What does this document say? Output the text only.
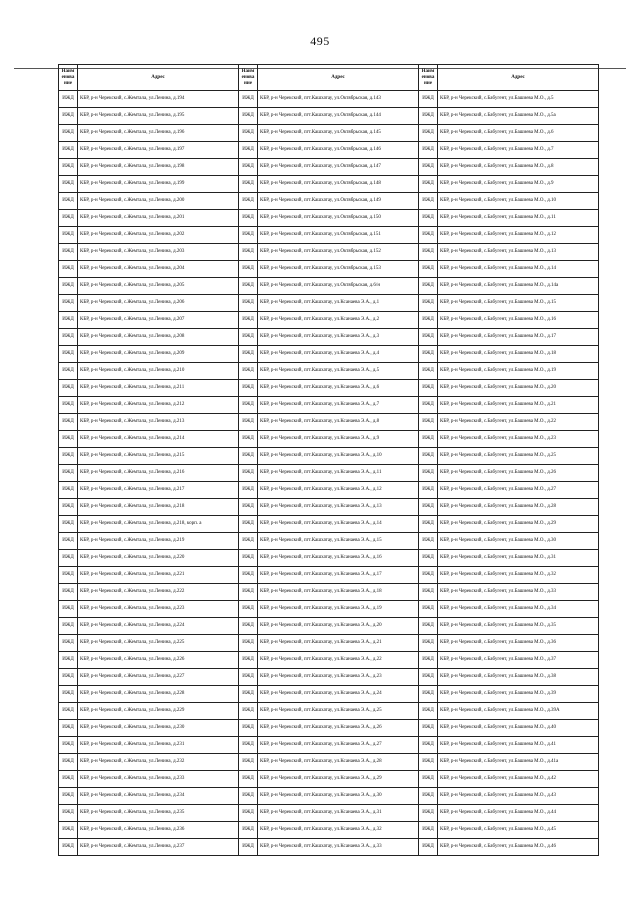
495
Наим енова ние	Адрес	Наим енова ние	Адрес	Наим енова ние	Адрес
ИЖД	КБР, р-н Черекский, с.Жемтала, ул.Ленина, д.194	ИЖД	КБР, р-н Черекский, пгт.Кашхатау, ул.Октябрьская, д.143	ИЖД	КБР, р-н Черекский, с.Бабугент, ул.Башиева М.О., д.5
ИЖД	КБР, р-н Черекский, с.Жемтала, ул.Ленина, д.195	ИЖД	КБР, р-н Черекский, пгт.Кашхатау, ул.Октябрьская, д.144	ИЖД	КБР, р-н Черекский, с.Бабугент, ул.Башиева М.О., д.5а
ИЖД	КБР, р-н Черекский, с.Жемтала, ул.Ленина, д.196	ИЖД	КБР, р-н Черекский, пгт.Кашхатау, ул.Октябрьская, д.145	ИЖД	КБР, р-н Черекский, с.Бабугент, ул.Башиева М.О., д.6
ИЖД	КБР, р-н Черекский, с.Жемтала, ул.Ленина, д.197	ИЖД	КБР, р-н Черекский, пгт.Кашхатау, ул.Октябрьская, д.146	ИЖД	КБР, р-н Черекский, с.Бабугент, ул.Башиева М.О., д.7
ИЖД	КБР, р-н Черекский, с.Жемтала, ул.Ленина, д.198	ИЖД	КБР, р-н Черекский, пгт.Кашхатау, ул.Октябрьская, д.147	ИЖД	КБР, р-н Черекский, с.Бабугент, ул.Башиева М.О., д.8
ИЖД	КБР, р-н Черекский, с.Жемтала, ул.Ленина, д.199	ИЖД	КБР, р-н Черекский, пгт.Кашхатау, ул.Октябрьская, д.148	ИЖД	КБР, р-н Черекский, с.Бабугент, ул.Башиева М.О., д.9
ИЖД	КБР, р-н Черекский, с.Жемтала, ул.Ленина, д.200	ИЖД	КБР, р-н Черекский, пгт.Кашхатау, ул.Октябрьская, д.149	ИЖД	КБР, р-н Черекский, с.Бабугент, ул.Башиева М.О., д.10
ИЖД	КБР, р-н Черекский, с.Жемтала, ул.Ленина, д.201	ИЖД	КБР, р-н Черекский, пгт.Кашхатау, ул.Октябрьская, д.150	ИЖД	КБР, р-н Черекский, с.Бабугент, ул.Башиева М.О., д.11
ИЖД	КБР, р-н Черекский, с.Жемтала, ул.Ленина, д.202	ИЖД	КБР, р-н Черекский, пгт.Кашхатау, ул.Октябрьская, д.151	ИЖД	КБР, р-н Черекский, с.Бабугент, ул.Башиева М.О., д.12
ИЖД	КБР, р-н Черекский, с.Жемтала, ул.Ленина, д.203	ИЖД	КБР, р-н Черекский, пгт.Кашхатау, ул.Октябрьская, д.152	ИЖД	КБР, р-н Черекский, с.Бабугент, ул.Башиева М.О., д.13
ИЖД	КБР, р-н Черекский, с.Жемтала, ул.Ленина, д.204	ИЖД	КБР, р-н Черекский, пгт.Кашхатау, ул.Октябрьская, д.153	ИЖД	КБР, р-н Черекский, с.Бабугент, ул.Башиева М.О., д.14
ИЖД	КБР, р-н Черекский, с.Жемтала, ул.Ленина, д.205	ИЖД	КБР, р-н Черекский, пгт.Кашхатау, ул.Октябрьская, д.6/н	ИЖД	КБР, р-н Черекский, с.Бабугент, ул.Башиева М.О., д.14а
ИЖД	КБР, р-н Черекский, с.Жемтала, ул.Ленина, д.206	ИЖД	КБР, р-н Черекский, пгт.Кашхатау, ул.Ксанаева Э.А., д.1	ИЖД	КБР, р-н Черекский, с.Бабугент, ул.Башиева М.О., д.15
ИЖД	КБР, р-н Черекский, с.Жемтала, ул.Ленина, д.207	ИЖД	КБР, р-н Черекский, пгт.Кашхатау, ул.Ксанаева Э.А., д.2	ИЖД	КБР, р-н Черекский, с.Бабугент, ул.Башиева М.О., д.16
ИЖД	КБР, р-н Черекский, с.Жемтала, ул.Ленина, д.208	ИЖД	КБР, р-н Черекский, пгт.Кашхатау, ул.Ксанаева Э.А., д.3	ИЖД	КБР, р-н Черекский, с.Бабугент, ул.Башиева М.О., д.17
ИЖД	КБР, р-н Черекский, с.Жемтала, ул.Ленина, д.209	ИЖД	КБР, р-н Черекский, пгт.Кашхатау, ул.Ксанаева Э.А., д.4	ИЖД	КБР, р-н Черекский, с.Бабугент, ул.Башиева М.О., д.18
ИЖД	КБР, р-н Черекский, с.Жемтала, ул.Ленина, д.210	ИЖД	КБР, р-н Черекский, пгт.Кашхатау, ул.Ксанаева Э.А., д.5	ИЖД	КБР, р-н Черекский, с.Бабугент, ул.Башиева М.О., д.19
ИЖД	КБР, р-н Черекский, с.Жемтала, ул.Ленина, д.211	ИЖД	КБР, р-н Черекский, пгт.Кашхатау, ул.Ксанаева Э.А., д.6	ИЖД	КБР, р-н Черекский, с.Бабугент, ул.Башиева М.О., д.20
ИЖД	КБР, р-н Черекский, с.Жемтала, ул.Ленина, д.212	ИЖД	КБР, р-н Черекский, пгт.Кашхатау, ул.Ксанаева Э.А., д.7	ИЖД	КБР, р-н Черекский, с.Бабугент, ул.Башиева М.О., д.21
ИЖД	КБР, р-н Черекский, с.Жемтала, ул.Ленина, д.213	ИЖД	КБР, р-н Черекский, пгт.Кашхатау, ул.Ксанаева Э.А., д.8	ИЖД	КБР, р-н Черекский, с.Бабугент, ул.Башиева М.О., д.22
ИЖД	КБР, р-н Черекский, с.Жемтала, ул.Ленина, д.214	ИЖД	КБР, р-н Черекский, пгт.Кашхатау, ул.Ксанаева Э.А., д.9	ИЖД	КБР, р-н Черекский, с.Бабугент, ул.Башиева М.О., д.23
ИЖД	КБР, р-н Черекский, с.Жемтала, ул.Ленина, д.215	ИЖД	КБР, р-н Черекский, пгт.Кашхатау, ул.Ксанаева Э.А., д.10	ИЖД	КБР, р-н Черекский, с.Бабугент, ул.Башиева М.О., д.25
ИЖД	КБР, р-н Черекский, с.Жемтала, ул.Ленина, д.216	ИЖД	КБР, р-н Черекский, пгт.Кашхатау, ул.Ксанаева Э.А., д.11	ИЖД	КБР, р-н Черекский, с.Бабугент, ул.Башиева М.О., д.26
ИЖД	КБР, р-н Черекский, с.Жемтала, ул.Ленина, д.217	ИЖД	КБР, р-н Черекский, пгт.Кашхатау, ул.Ксанаева Э.А., д.12	ИЖД	КБР, р-н Черекский, с.Бабугент, ул.Башиева М.О., д.27
ИЖД	КБР, р-н Черекский, с.Жемтала, ул.Ленина, д.218	ИЖД	КБР, р-н Черекский, пгт.Кашхатау, ул.Ксанаева Э.А., д.13	ИЖД	КБР, р-н Черекский, с.Бабугент, ул.Башиева М.О., д.28
ИЖД	КБР, р-н Черекский, с.Жемтала, ул.Ленина, д.218, корп. а	ИЖД	КБР, р-н Черекский, пгт.Кашхатау, ул.Ксанаева Э.А., д.14	ИЖД	КБР, р-н Черекский, с.Бабугент, ул.Башиева М.О., д.29
ИЖД	КБР, р-н Черекский, с.Жемтала, ул.Ленина, д.219	ИЖД	КБР, р-н Черекский, пгт.Кашхатау, ул.Ксанаева Э.А., д.15	ИЖД	КБР, р-н Черекский, с.Бабугент, ул.Башиева М.О., д.30
ИЖД	КБР, р-н Черекский, с.Жемтала, ул.Ленина, д.220	ИЖД	КБР, р-н Черекский, пгт.Кашхатау, ул.Ксанаева Э.А., д.16	ИЖД	КБР, р-н Черекский, с.Бабугент, ул.Башиева М.О., д.31
ИЖД	КБР, р-н Черекский, с.Жемтала, ул.Ленина, д.221	ИЖД	КБР, р-н Черекский, пгт.Кашхатау, ул.Ксанаева Э.А., д.17	ИЖД	КБР, р-н Черекский, с.Бабугент, ул.Башиева М.О., д.32
ИЖД	КБР, р-н Черекский, с.Жемтала, ул.Ленина, д.222	ИЖД	КБР, р-н Черекский, пгт.Кашхатау, ул.Ксанаева Э.А., д.18	ИЖД	КБР, р-н Черекский, с.Бабугент, ул.Башиева М.О., д.33
ИЖД	КБР, р-н Черекский, с.Жемтала, ул.Ленина, д.223	ИЖД	КБР, р-н Черекский, пгт.Кашхатау, ул.Ксанаева Э.А., д.19	ИЖД	КБР, р-н Черекский, с.Бабугент, ул.Башиева М.О., д.34
ИЖД	КБР, р-н Черекский, с.Жемтала, ул.Ленина, д.224	ИЖД	КБР, р-н Черекский, пгт.Кашхатау, ул.Ксанаева Э.А., д.20	ИЖД	КБР, р-н Черекский, с.Бабугент, ул.Башиева М.О., д.35
ИЖД	КБР, р-н Черекский, с.Жемтала, ул.Ленина, д.225	ИЖД	КБР, р-н Черекский, пгт.Кашхатау, ул.Ксанаева Э.А., д.21	ИЖД	КБР, р-н Черекский, с.Бабугент, ул.Башиева М.О., д.36
ИЖД	КБР, р-н Черекский, с.Жемтала, ул.Ленина, д.226	ИЖД	КБР, р-н Черекский, пгт.Кашхатау, ул.Ксанаева Э.А., д.22	ИЖД	КБР, р-н Черекский, с.Бабугент, ул.Башиева М.О., д.37
ИЖД	КБР, р-н Черекский, с.Жемтала, ул.Ленина, д.227	ИЖД	КБР, р-н Черекский, пгт.Кашхатау, ул.Ксанаева Э.А., д.23	ИЖД	КБР, р-н Черекский, с.Бабугент, ул.Башиева М.О., д.38
ИЖД	КБР, р-н Черекский, с.Жемтала, ул.Ленина, д.228	ИЖД	КБР, р-н Черекский, пгт.Кашхатау, ул.Ксанаева Э.А., д.24	ИЖД	КБР, р-н Черекский, с.Бабугент, ул.Башиева М.О., д.39
ИЖД	КБР, р-н Черекский, с.Жемтала, ул.Ленина, д.229	ИЖД	КБР, р-н Черекский, пгт.Кашхатау, ул.Ксанаева Э.А., д.25	ИЖД	КБР, р-н Черекский, с.Бабугент, ул.Башиева М.О., д.39А
ИЖД	КБР, р-н Черекский, с.Жемтала, ул.Ленина, д.230	ИЖД	КБР, р-н Черекский, пгт.Кашхатау, ул.Ксанаева Э.А., д.26	ИЖД	КБР, р-н Черекский, с.Бабугент, ул.Башиева М.О., д.40
ИЖД	КБР, р-н Черекский, с.Жемтала, ул.Ленина, д.231	ИЖД	КБР, р-н Черекский, пгт.Кашхатау, ул.Ксанаева Э.А., д.27	ИЖД	КБР, р-н Черекский, с.Бабугент, ул.Башиева М.О., д.41
ИЖД	КБР, р-н Черекский, с.Жемтала, ул.Ленина, д.232	ИЖД	КБР, р-н Черекский, пгт.Кашхатау, ул.Ксанаева Э.А., д.28	ИЖД	КБР, р-н Черекский, с.Бабугент, ул.Башиева М.О., д.41а
ИЖД	КБР, р-н Черекский, с.Жемтала, ул.Ленина, д.233	ИЖД	КБР, р-н Черекский, пгт.Кашхатау, ул.Ксанаева Э.А., д.29	ИЖД	КБР, р-н Черекский, с.Бабугент, ул.Башиева М.О., д.42
ИЖД	КБР, р-н Черекский, с.Жемтала, ул.Ленина, д.234	ИЖД	КБР, р-н Черекский, пгт.Кашхатау, ул.Ксанаева Э.А., д.30	ИЖД	КБР, р-н Черекский, с.Бабугент, ул.Башиева М.О., д.43
ИЖД	КБР, р-н Черекский, с.Жемтала, ул.Ленина, д.235	ИЖД	КБР, р-н Черекский, пгт.Кашхатау, ул.Ксанаева Э.А., д.31	ИЖД	КБР, р-н Черекский, с.Бабугент, ул.Башиева М.О., д.44
ИЖД	КБР, р-н Черекский, с.Жемтала, ул.Ленина, д.236	ИЖД	КБР, р-н Черекский, пгт.Кашхатау, ул.Ксанаева Э.А., д.32	ИЖД	КБР, р-н Черекский, с.Бабугент, ул.Башиева М.О., д.45
ИЖД	КБР, р-н Черекский, с.Жемтала, ул.Ленина, д.237	ИЖД	КБР, р-н Черекский, пгт.Кашхатау, ул.Ксанаева Э.А., д.33	ИЖД	КБР, р-н Черекский, с.Бабугент, ул.Башиева М.О., д.46
